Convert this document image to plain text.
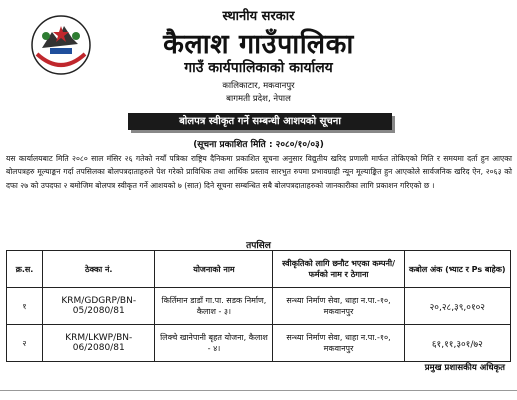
स्थानीय सरकार
कैलाश गाउँपालिका
गाउँ कार्यपालिकाको कार्यालय
कालिकाटार, मकवानपुर
बागमती प्रदेश, नेपाल
बोलपत्र स्वीकृत गर्ने सम्बन्धी आशयको सूचना
(सूचना प्रकाशित मिति : २०८०/१०/०३)
यस कार्यालयबाट मिति २०८० साल मंसिर २६ गतेको नयाँ पत्रिका राष्ट्रिय दैनिकमा प्रकाशित सूचना अनुसार विद्युतीय खरिद प्रणाली मार्फत तोकिएको मिति र समयमा दर्ता हुन आएका बोलपत्रहरु मूल्याङ्कन गर्दा तपसिलका बोलपत्रदाताहरुले पेश गरेको प्राविधिक तथा आर्थिक प्रस्ताव सारभुत रुपमा प्रभावग्राही न्यून मूल्याङ्कित हुन आएकोले सार्वजनिक खरिद ऐन, २०६३ को दफा २७ को उपदफा २ बमोजिम बोलपत्र स्वीकृत गर्ने आशयको ७ (सात) दिने सूचना सम्बन्धित सबै बोलपत्रदाताहरुको जानकारीका लागि प्रकाशन गरिएको छ ।
तपसिल
क्र.स.	ठेक्का नं.	योजनाको नाम	स्वीकृतिको लागि छनौट भएका कम्पनी/फर्मको नाम र ठेगाना	कबोल अंक (भ्याट र Ps बाहेक)
१	KRM/GDGRP/BN-05/2080/81	किर्तिमान डाडाँ गा.पा. सडक निर्माण, कैलाश - ३।	सन्ध्या निर्माण सेवा, धाहा न.पा.-१०, मकवानपुर	२०,२८,३९,०१०२
२	KRM/LKWP/BN-06/2080/81	लिक्चे खानेपानी बृहत योजना, कैलाश - ४।	सन्ध्या निर्माण सेवा, धाहा न.पा.-१०, मकवानपुर	६१,११,३०१/७२
प्रमुख प्रशासकीय अधिकृत
